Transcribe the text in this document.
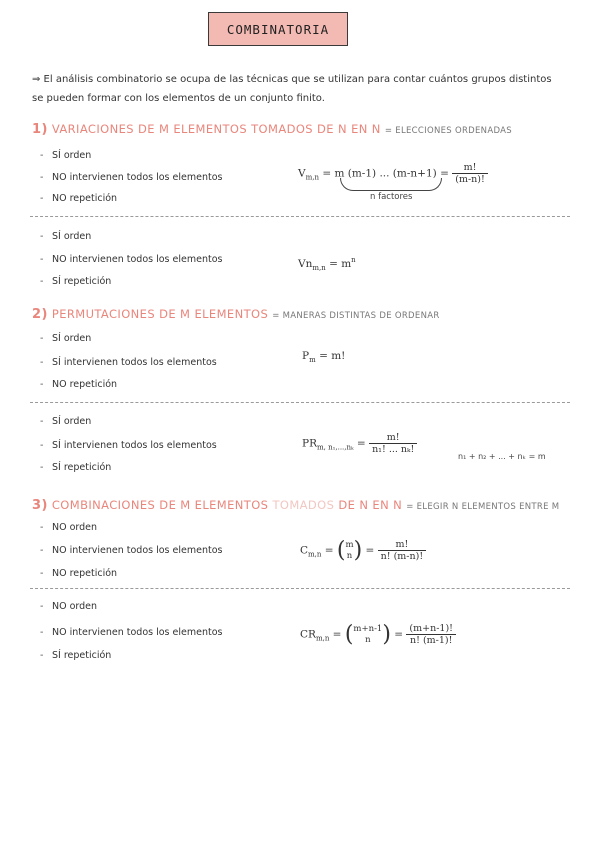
COMBINATORIA
⇒ El análisis combinatorio se ocupa de las técnicas que se utilizan para contar cuántos grupos distintos se pueden formar con los elementos de un conjunto finito.
1) VARIACIONES DE M ELEMENTOS TOMADOS DE N EN N = ELECCIONES ORDENADAS
- SÍ orden
- NO intervienen todos los elementos
- NO repetición
$V_{m,n} = m$ (m-1) ... $(m-n+1) = \frac{m!}{(m-n)!}$
n factores
- SÍ orden
- NO intervienen todos los elementos
- SÍ repetición
$Vn_{m,n} = m^n$
2) PERMUTACIONES DE M ELEMENTOS = MANERAS DISTINTAS DE ORDENAR
- SÍ orden
- SÍ intervienen todos los elementos
- NO repetición
$P_m = m$!
- SÍ orden
- SÍ intervienen todos los elementos
- SÍ repetición
$PR_{m, n_1,...,n_k} = \frac{m!}{\text{n₁! ... nₖ!}}$
n₁ + n₂ + ... + nₖ = m
3) COMBINACIONES DE M ELEMENTOS TOMADOS DE N EN N = ELEGIR N ELEMENTOS ENTRE M
- NO orden
- NO intervienen todos los elementos
- NO repetición
$C_{m,n} = (m$
$n) = \frac{m!}{n! (m-n)!}$
- NO orden
- NO intervienen todos los elementos
- SÍ repetición
$CR_{m,n} = (m+n-1$
n ) = $\frac{(m+n-1)!}{n! (m-1)!}$
